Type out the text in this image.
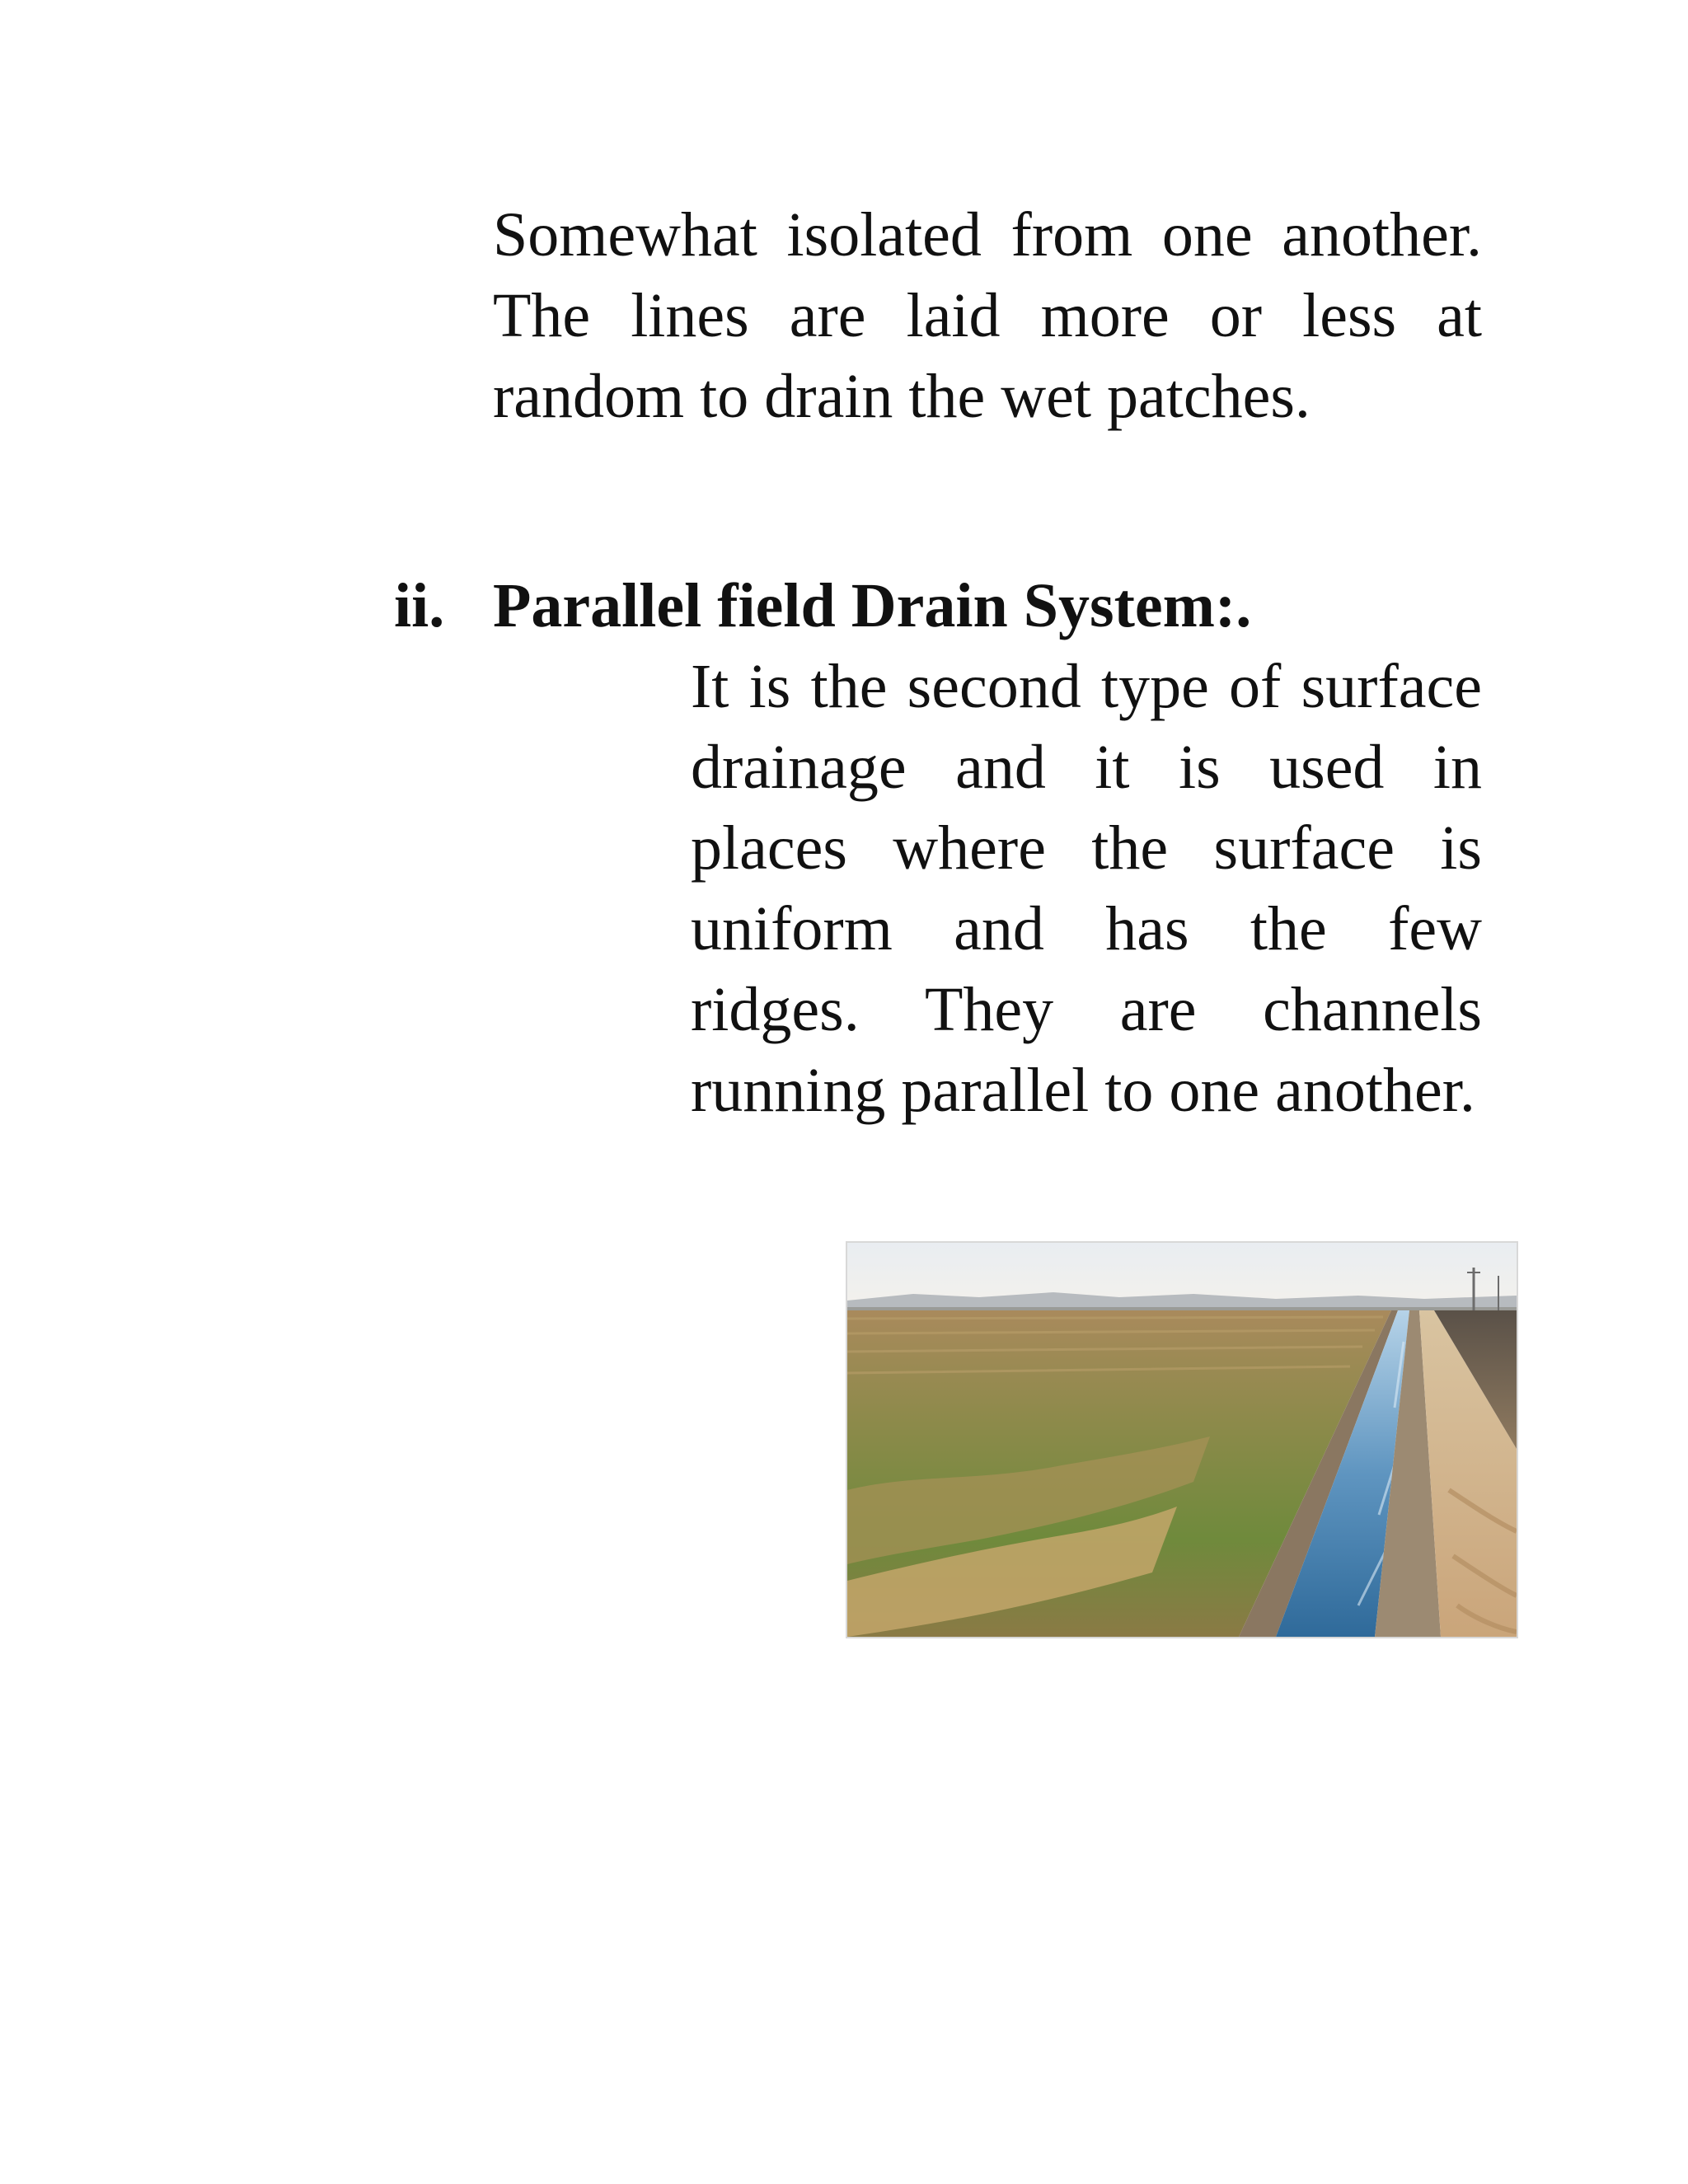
Somewhat isolated from one another. The lines are laid more or less at random to drain the wet patches.

ii. Parallel field Drain System:.

It is the second type of surface drainage and it is used in places where the surface is uniform and has the few ridges. They are channels running parallel to one another.
